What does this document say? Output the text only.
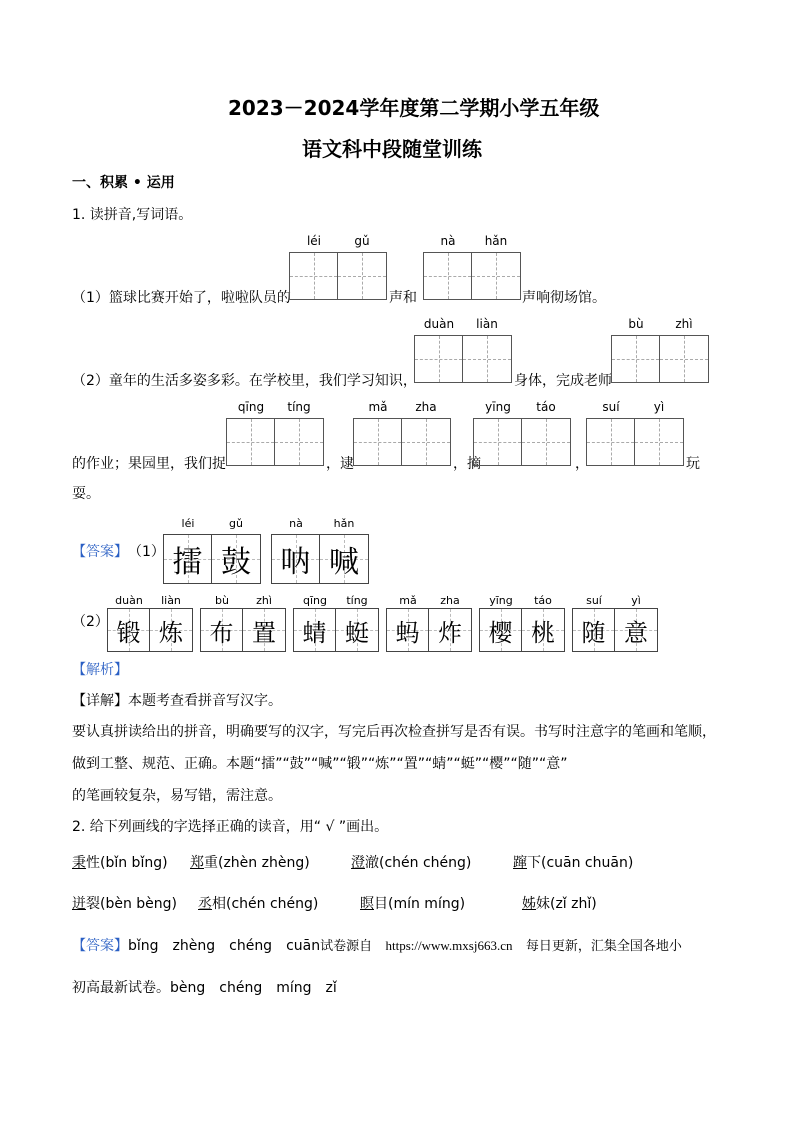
2023－2024学年度第二学期小学五年级
语文科中段随堂训练
一、积累 • 运用
1. 读拼音,写词语。
léi	gǔ	nà	hǎn
（1）篮球比赛开始了，啦啦队员的	声和	声响彻场馆。
duàn	liàn	bù	zhì
（2）童年的生活多姿多彩。在学校里，我们学习知识，	身体，完成老师
qīng	tíng	mǎ	zha	yīng	táo	suí	yì
的作业；果园里，我们捉	，逮	，摘	，	玩
耍。
【答案】 （1）
léi	gǔ
擂 鼓
nà	hǎn
呐 喊
（2）
duàn	liàn
锻 炼
bù	zhì
布 置
qīng	tíng
蜻 蜓
mǎ	zha
蚂 炸
yīng	táo
樱 桃
suí	yì
随 意
【解析】
【详解】本题考查看拼音写汉字。
要认真拼读给出的拼音，明确要写的汉字，写完后再次检查拼写是否有误。书写时注意字的笔画和笔顺，
做到工整、规范、正确。本题“擂”“鼓”“喊”“锻”“炼”“置”“蜻”“蜓”“樱”“随”“意”
的笔画较复杂，易写错，需注意。
2. 给下列画线的字选择正确的读音，用“ √ ”画出。
秉性(bǐn bǐng) 郑重(zhèn zhèng)	澄澈(chén chéng)	蹿下(cuān chuān)
迸裂(bèn bèng) 丞相(chén chéng)	瞑目(mín míng)	姊妹(zǐ zhǐ)
【答案】bǐng　zhèng　chéng　cuān试卷源自 https://www.mxsj663.cn 每日更新，汇集全国各地小
初高最新试卷。bèng　chéng　míng　zǐ
